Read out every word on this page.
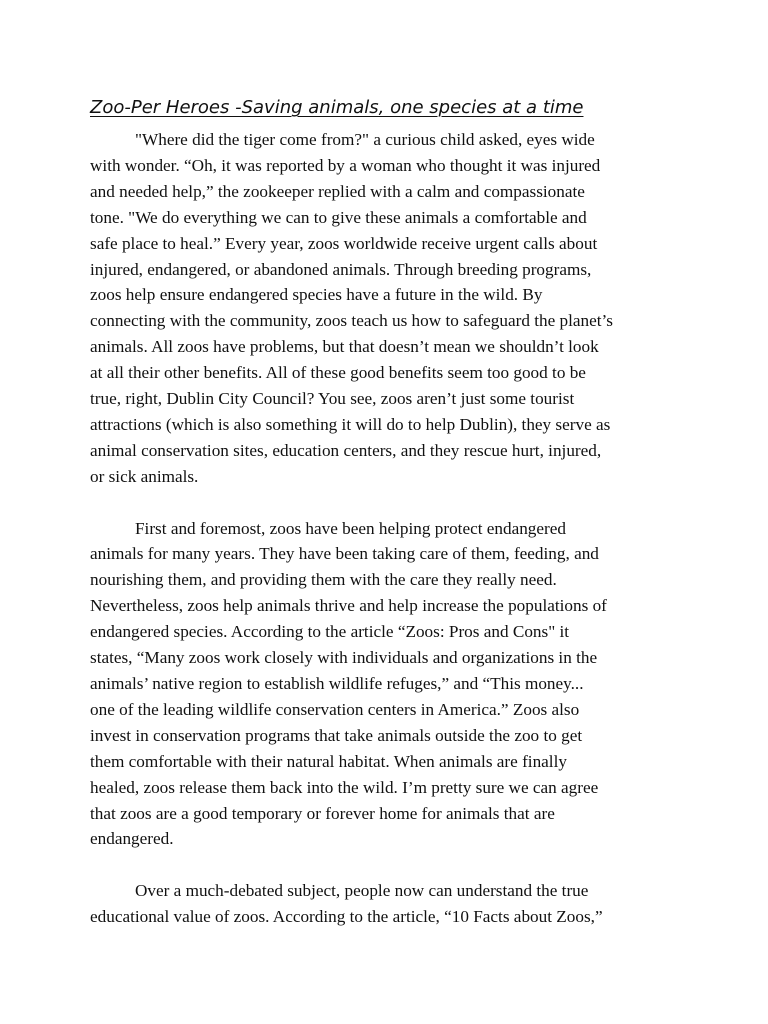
Zoo-Per Heroes -Saving animals, one species at a time

"Where did the tiger come from?" a curious child asked, eyes wide
with wonder. “Oh, it was reported by a woman who thought it was injured
and needed help,” the zookeeper replied with a calm and compassionate
tone. "We do everything we can to give these animals a comfortable and
safe place to heal.” Every year, zoos worldwide receive urgent calls about
injured, endangered, or abandoned animals. Through breeding programs,
zoos help ensure endangered species have a future in the wild. By
connecting with the community, zoos teach us how to safeguard the planet’s
animals. All zoos have problems, but that doesn’t mean we shouldn’t look
at all their other benefits. All of these good benefits seem too good to be
true, right, Dublin City Council? You see, zoos aren’t just some tourist
attractions (which is also something it will do to help Dublin), they serve as
animal conservation sites, education centers, and they rescue hurt, injured,
or sick animals.

First and foremost, zoos have been helping protect endangered
animals for many years. They have been taking care of them, feeding, and
nourishing them, and providing them with the care they really need.
Nevertheless, zoos help animals thrive and help increase the populations of
endangered species. According to the article “Zoos: Pros and Cons" it
states, “Many zoos work closely with individuals and organizations in the
animals’ native region to establish wildlife refuges,” and “This money...
one of the leading wildlife conservation centers in America.” Zoos also
invest in conservation programs that take animals outside the zoo to get
them comfortable with their natural habitat. When animals are finally
healed, zoos release them back into the wild. I’m pretty sure we can agree
that zoos are a good temporary or forever home for animals that are
endangered.

Over a much-debated subject, people now can understand the true
educational value of zoos. According to the article, “10 Facts about Zoos,”
